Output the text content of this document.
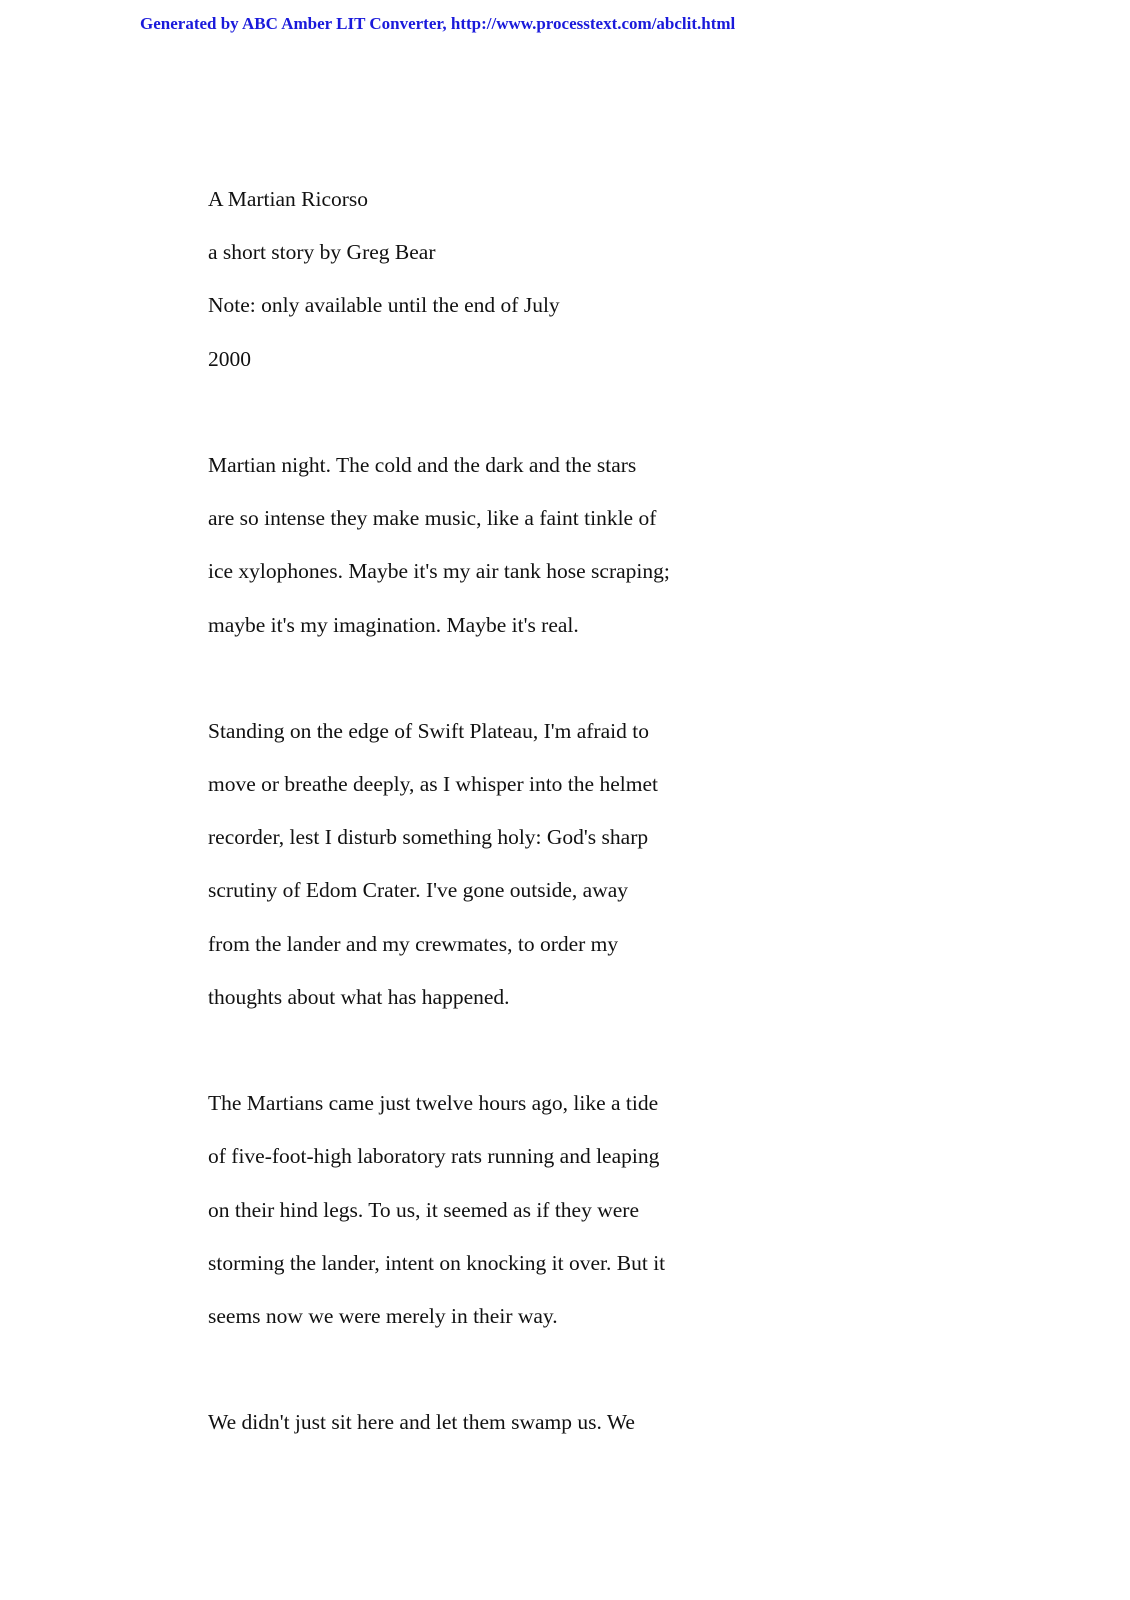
Generated by ABC Amber LIT Converter, http://www.processtext.com/abclit.html
A Martian Ricorso
a short story by Greg Bear
Note: only available until the end of July
2000
Martian night. The cold and the dark and the stars
are so intense they make music, like a faint tinkle of
ice xylophones. Maybe it's my air tank hose scraping;
maybe it's my imagination. Maybe it's real.
Standing on the edge of Swift Plateau, I'm afraid to
move or breathe deeply, as I whisper into the helmet
recorder, lest I disturb something holy: God's sharp
scrutiny of Edom Crater. I've gone outside, away
from the lander and my crewmates, to order my
thoughts about what has happened.
The Martians came just twelve hours ago, like a tide
of five-foot-high laboratory rats running and leaping
on their hind legs. To us, it seemed as if they were
storming the lander, intent on knocking it over. But it
seems now we were merely in their way.
We didn't just sit here and let them swamp us. We
